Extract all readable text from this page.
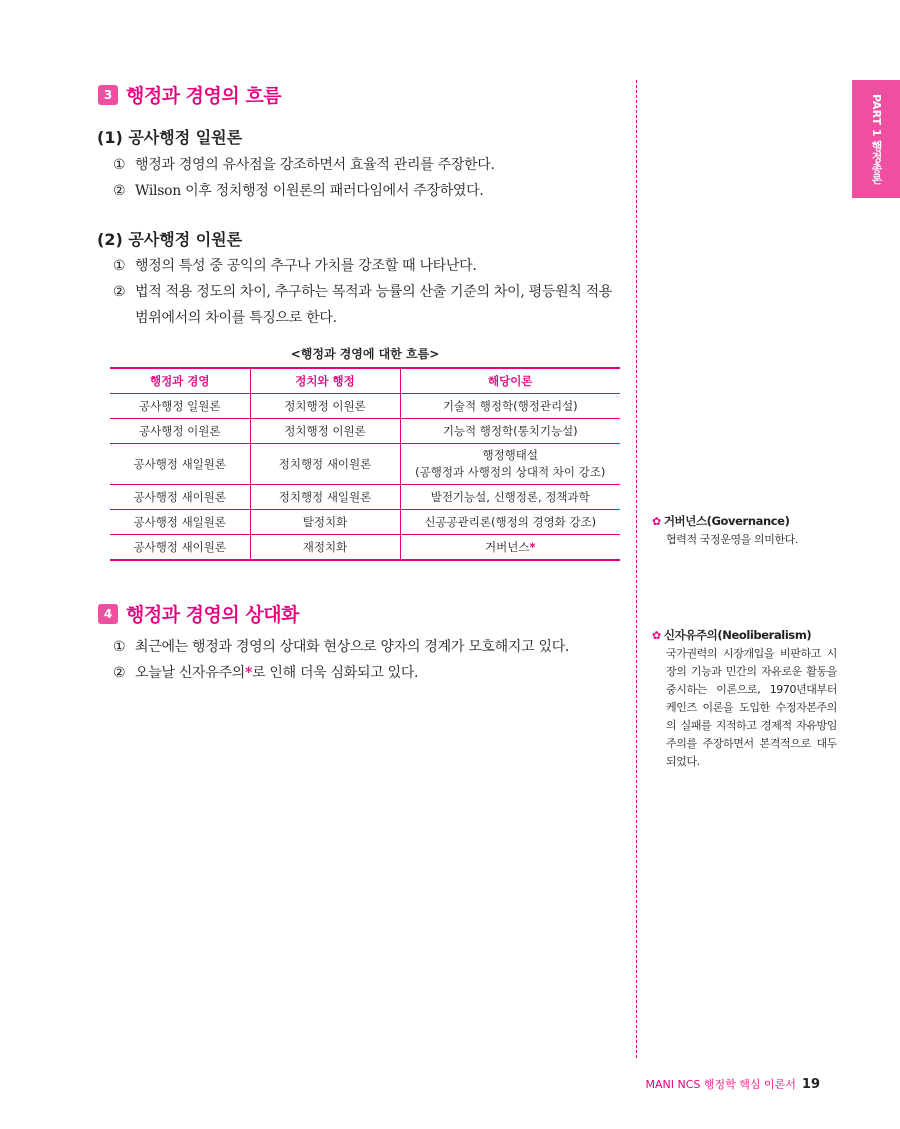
3 행정과 경영의 흐름
(1) 공사행정 일원론
① 행정과 경영의 유사점을 강조하면서 효율적 관리를 주장한다.
② Wilson 이후 정치행정 이원론의 패러다임에서 주장하였다.
(2) 공사행정 이원론
① 행정의 특성 중 공익의 추구나 가치를 강조할 때 나타난다.
② 법적 적용 정도의 차이, 추구하는 목적과 능률의 산출 기준의 차이, 평등원칙 적용
범위에서의 차이를 특징으로 한다.
<행정과 경영에 대한 흐름>
행정과 경영	정치와 행정	해당이론
공사행정 일원론	정치행정 이원론	기술적 행정학(행정관리설)
공사행정 이원론	정치행정 이원론	기능적 행정학(통치기능설)
공사행정 새일원론	정치행정 새이원론	행정행태설
(공행정과 사행정의 상대적 차이 강조)
공사행정 새이원론	정치행정 새일원론	발전기능설, 신행정론, 정책과학
공사행정 새일원론	탈정치화	신공공관리론(행정의 경영화 강조)
공사행정 새이원론	재정치화	거버넌스*
4 행정과 경영의 상대화
① 최근에는 행정과 경영의 상대화 현상으로 양자의 경계가 모호해지고 있다.
② 오늘날 신자유주의*로 인해 더욱 심화되고 있다.
PART 1 행정총론
✿ 거버넌스(Governance)
협력적 국정운영을 의미한다.
✿ 신자유주의(Neoliberalism)
국가권력의 시장개입을 비판하고 시장의 기능과 민간의 자유로운 활동을 중시하는 이론으로, 1970년대부터 케인즈 이론을 도입한 수정자본주의의 실패를 지적하고 경제적 자유방임주의를 주장하면서 본격적으로 대두되었다.
MANI NCS 행정학 핵심 이론서 19
